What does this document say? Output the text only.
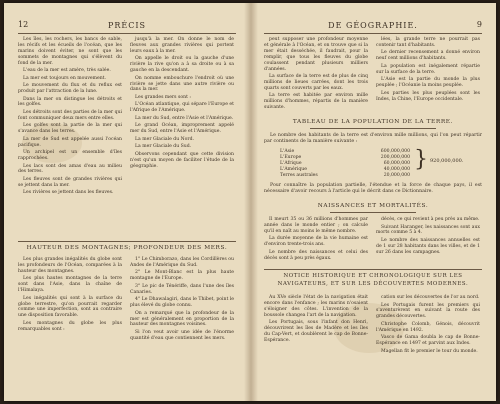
12	PRÉCIS

Les îles, les rochers, les bancs de sable, les récifs et les écueils de l'océan, que les marins doivent éviter, ne sont que les sommets de montagnes qui s'élèvent du fond de la mer.

L'eau de la mer est amère, très salée.

La mer est toujours en mouvement.

Le mouvement du flux et du reflux est produit par l'attraction de la lune.

Dans la mer on distingue les détroits et les golfes.

Les détroits sont des parties de la mer qui font communiquer deux mers entre elles.

Les golfes sont la partie de la mer qui s'avance dans les terres.

La mer de Sud est appelée aussi l'océan pacifique.

Un archipel est un ensemble d'îles rapprochées.

Les lacs sont des amas d'eau au milieu des terres.

Les fleuves sont de grandes rivières qui se jettent dans la mer.

Les rivières se jettent dans les fleuves.

jusqu'à la mer. On donne le nom de fleuves aux grandes rivières qui portent leurs eaux à la mer.

On appelle le droit ou la gauche d'une rivière la rive qu'on a à sa droite ou à sa gauche en la descendant.

On nomme embouchure l'endroit où une rivière se jette dans une autre rivière ou dans la mer.

Les grandes mers sont :

L'Océan atlantique, qui sépare l'Europe et l'Afrique de l'Amérique.

La mer du Sud, entre l'Asie et l'Amérique.

Le grand Océan, improprement appelé mer du Sud, entre l'Asie et l'Amérique.

La mer Glaciale du Nord.

La mer Glaciale du Sud.

Observons cependant que cette division n'est qu'un moyen de faciliter l'étude de la géographie.

HAUTEUR DES MONTAGNES; PROFONDEUR DES MERS.

Les plus grandes inégalités du globe sont les profondeurs de l'Océan, comparées à la hauteur des montagnes.

Les plus hautes montagnes de la terre sont dans l'Asie, dans la chaîne de l'Himalaya.

Les inégalités qui sont à la surface du globe terrestre, qu'on pourrait regarder comme une imperfection, sont au contraire une disposition favorable.

Les montagnes du globe les plus remarquables sont :

1° Le Chimborazo, dans les Cordillères ou Andes de l'Amérique du Sud.

2° Le Mont-Blanc est la plus haute montagne de l'Europe.

3° Le pic de Ténériffe, dans l'une des îles Canaries.

4° Le Dhawalagiri, dans le Thibet, point le plus élevé du globe connu.

On a remarqué que la profondeur de la mer est généralement en proportion de la hauteur des montagnes voisines.

Si l'on veut avoir une idée de l'énorme quantité d'eau que contiennent les mers.

DE GÉOGRAPHIE.	9

peut supposer une profondeur moyenne et générale à l'Océan, et on trouve que si la mer était desséchée, il faudrait, pour la remplir, que tous les fleuves du globe coulassent pendant plusieurs milliers d'années.

La surface de la terre est de plus de cinq millions de lieues carrées, dont les trois quarts sont couverts par les eaux.

La terre est habitée par environ mille millions d'hommes, répartis de la manière suivante.

lées, la grande terre ne pourrait pas contenir tant d'habitants.

Le dernier recensement a donné environ neuf cent millions d'habitants.

La population est inégalement répartie sur la surface de la terre.

L'Asie est la partie du monde la plus peuplée ; l'Océanie la moins peuplée.

Les parties les plus peuplées sont les Indes, la Chine, l'Europe occidentale.

TABLEAU DE LA POPULATION DE LA TERRE.

Le nombre des habitants de la terre est d'environ mille millions, qui l'on peut répartir par continents de la manière suivante :

L'Asie	600,000,000
L'Europe	200,000,000
L'Afrique	60,000,000
L'Amérique	40,000,000
Terres australes	20,000,000
} 920,000,000.

Pour connaître la population partielle, l'étendue et la force de chaque pays, il est nécessaire d'avoir recours à l'article qui le décrit dans ce Dictionnaire.

NAISSANCES ET MORTALITÉS.

Il meurt 35 ou 36 millions d'hommes par année dans le monde entier ; on calcule qu'il en naît au moins le même nombre.

La durée moyenne de la vie humaine est d'environ trente-trois ans.

Le nombre des naissances et celui des décès sont à peu près égaux.

décès, ce qui revient à peu près au même.

Suivant Haranger, les naissances sont aux morts comme 5 à 4.

Le nombre des naissances annuelles est de 1 sur 28 habitants dans les villes, et de 1 sur 26 dans les campagnes.

NOTICE HISTORIQUE ET CHRONOLOGIQUE SUR LES NAVIGATEURS, ET SUR LES DÉCOUVERTES MODERNES.

Au XVe siècle l'état de la navigation était encore dans l'enfance ; les marins n'osaient s'éloigner des côtes. L'invention de la boussole changea l'art de la navigation.

Les Portugais, sous l'infant don Henri, découvrirent les îles de Madère et les îles du Cap-Vert, et doublèrent le cap de Bonne-Espérance.

cation sur les découvertes de l'or au nord.

Les Portugais furent les premiers qui s'aventurèrent en suivant la route des grandes découvertes.

Christophe Colomb, Génois, découvrit l'Amérique en 1492.

Vasco de Gama doubla le cap de Bonne-Espérance en 1497 et parvint aux Indes.

Magellan fit le premier le tour du monde.
